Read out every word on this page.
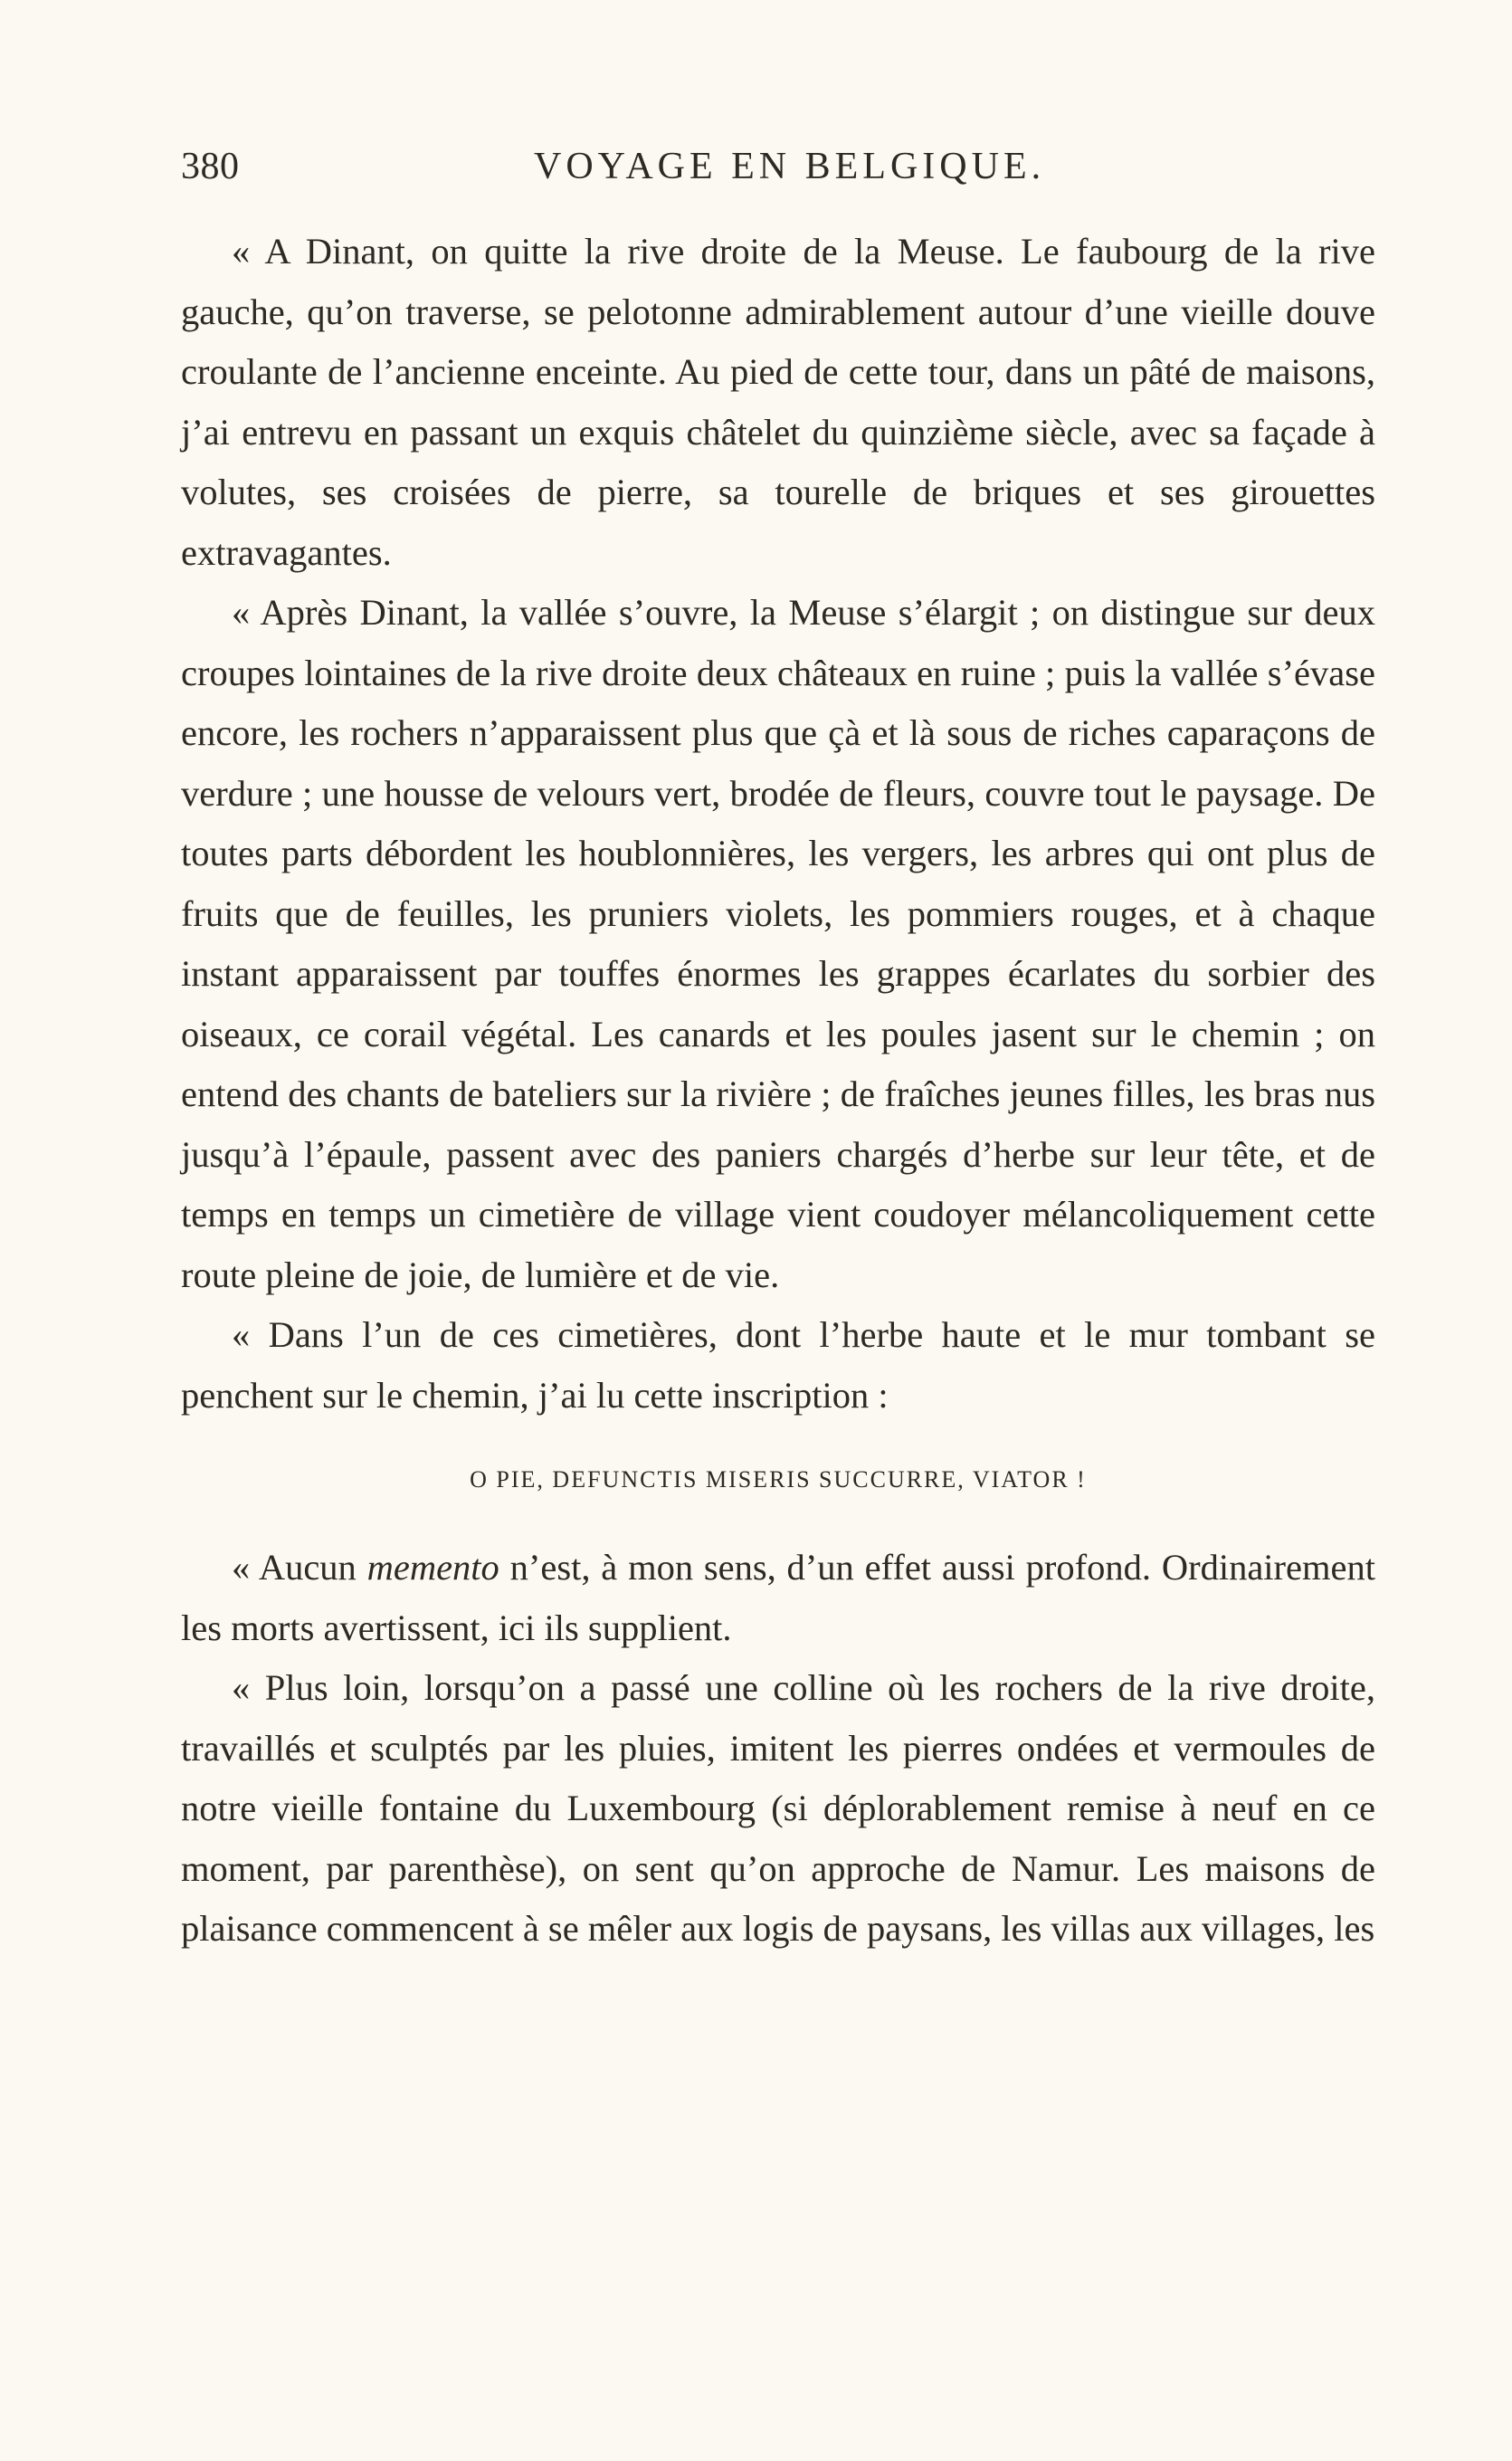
380	VOYAGE EN BELGIQUE.

« A Dinant, on quitte la rive droite de la Meuse. Le faubourg de la rive gauche, qu’on traverse, se pelotonne admirablement autour d’une vieille douve croulante de l’ancienne enceinte. Au pied de cette tour, dans un pâté de maisons, j’ai entrevu en passant un exquis châtelet du quinzième siècle, avec sa façade à volutes, ses croisées de pierre, sa tourelle de briques et ses girouettes extravagantes.

« Après Dinant, la vallée s’ouvre, la Meuse s’élargit ; on distingue sur deux croupes lointaines de la rive droite deux châteaux en ruine ; puis la vallée s’évase encore, les rochers n’apparaissent plus que çà et là sous de riches caparaçons de verdure ; une housse de velours vert, brodée de fleurs, couvre tout le paysage. De toutes parts débordent les houblonnières, les vergers, les arbres qui ont plus de fruits que de feuilles, les pruniers violets, les pommiers rouges, et à chaque instant apparaissent par touffes énormes les grappes écarlates du sorbier des oiseaux, ce corail végétal. Les canards et les poules jasent sur le chemin ; on entend des chants de bateliers sur la rivière ; de fraîches jeunes filles, les bras nus jusqu’à l’épaule, passent avec des paniers chargés d’herbe sur leur tête, et de temps en temps un cimetière de village vient coudoyer mélancoliquement cette route pleine de joie, de lumière et de vie.

« Dans l’un de ces cimetières, dont l’herbe haute et le mur tombant se penchent sur le chemin, j’ai lu cette inscription :

O PIE, DEFUNCTIS MISERIS SUCCURRE, VIATOR !

« Aucun memento n’est, à mon sens, d’un effet aussi profond. Ordinairement les morts avertissent, ici ils supplient.

« Plus loin, lorsqu’on a passé une colline où les rochers de la rive droite, travaillés et sculptés par les pluies, imitent les pierres ondées et vermoules de notre vieille fontaine du Luxembourg (si déplorablement remise à neuf en ce moment, par parenthèse), on sent qu’on approche de Namur. Les maisons de plaisance commencent à se mêler aux logis de paysans, les villas aux villages, les
